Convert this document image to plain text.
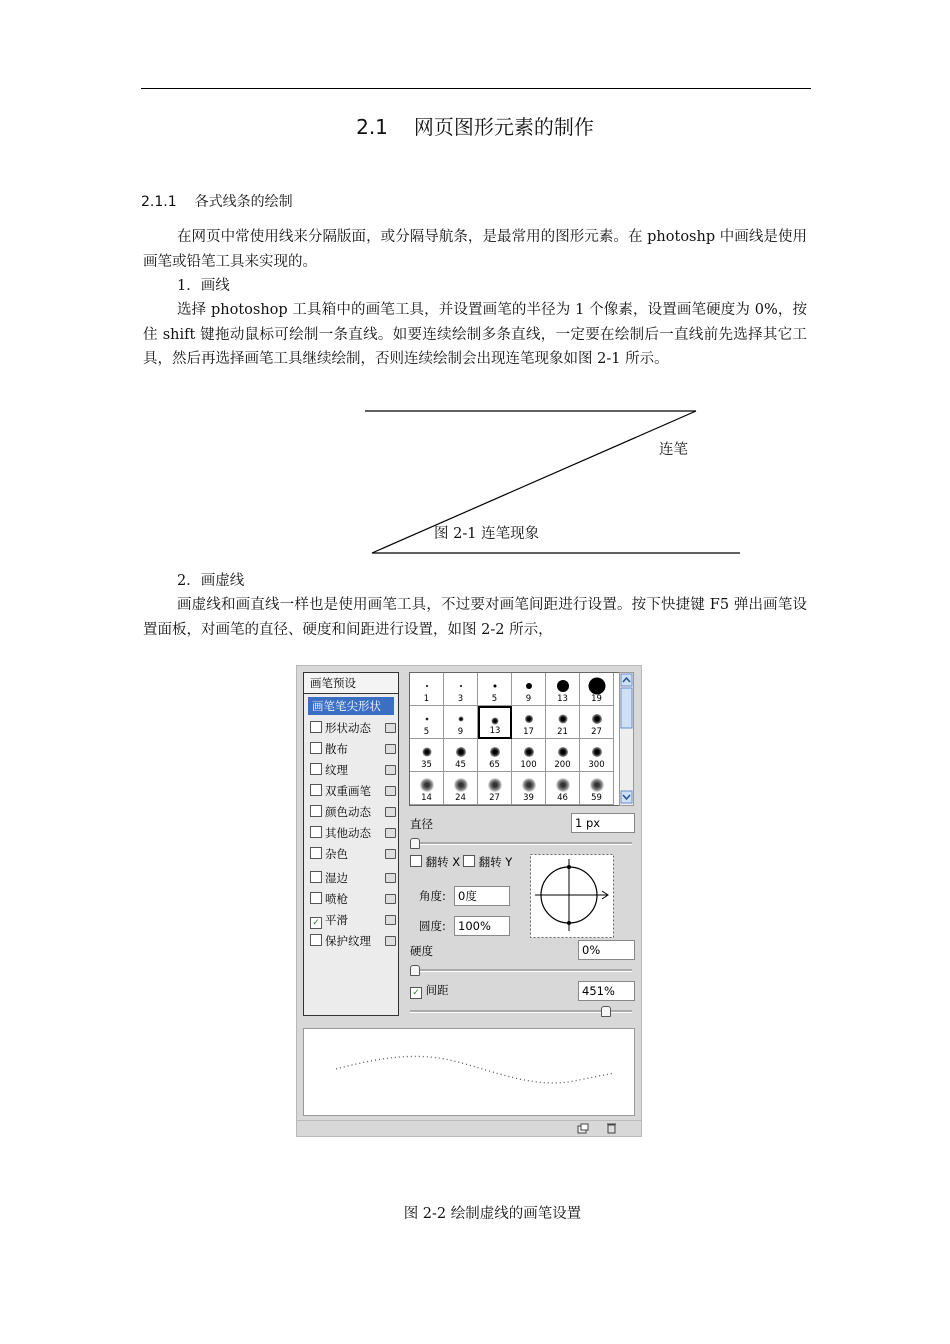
2.1 网页图形元素的制作
2.1.1 各式线条的绘制
在网页中常使用线来分隔版面，或分隔导航条，是最常用的图形元素。在 photoshp 中画线是使用画笔或铅笔工具来实现的。
1．画线
选择 photoshop 工具箱中的画笔工具，并设置画笔的半径为 1 个像素，设置画笔硬度为 0%，按住 shift 键拖动鼠标可绘制一条直线。如要连续绘制多条直线，一定要在绘制后一直线前先选择其它工具，然后再选择画笔工具继续绘制，否则连续绘制会出现连笔现象如图 2-1 所示。
连笔
图 2-1 连笔现象
2．画虚线
画虚线和画直线一样也是使用画笔工具，不过要对画笔间距进行设置。按下快捷键 F5 弹出画笔设置面板，对画笔的直径、硬度和间距进行设置，如图 2-2 所示，
画笔预设
画笔笔尖形状
形状动态
散布
纹理
双重画笔
颜色动态
其他动态
杂色
湿边
喷枪
✓ 平滑
保护纹理
1	3	5	9	13	19
5	9	13	17	21	27
35	45	65	100	200	300
14	24	27	39	46	59
直径	1 px
翻转 X	翻转 Y
角度:	0度
圆度:	100%
硬度	0%
✓ 间距	451%
图 2-2 绘制虚线的画笔设置
